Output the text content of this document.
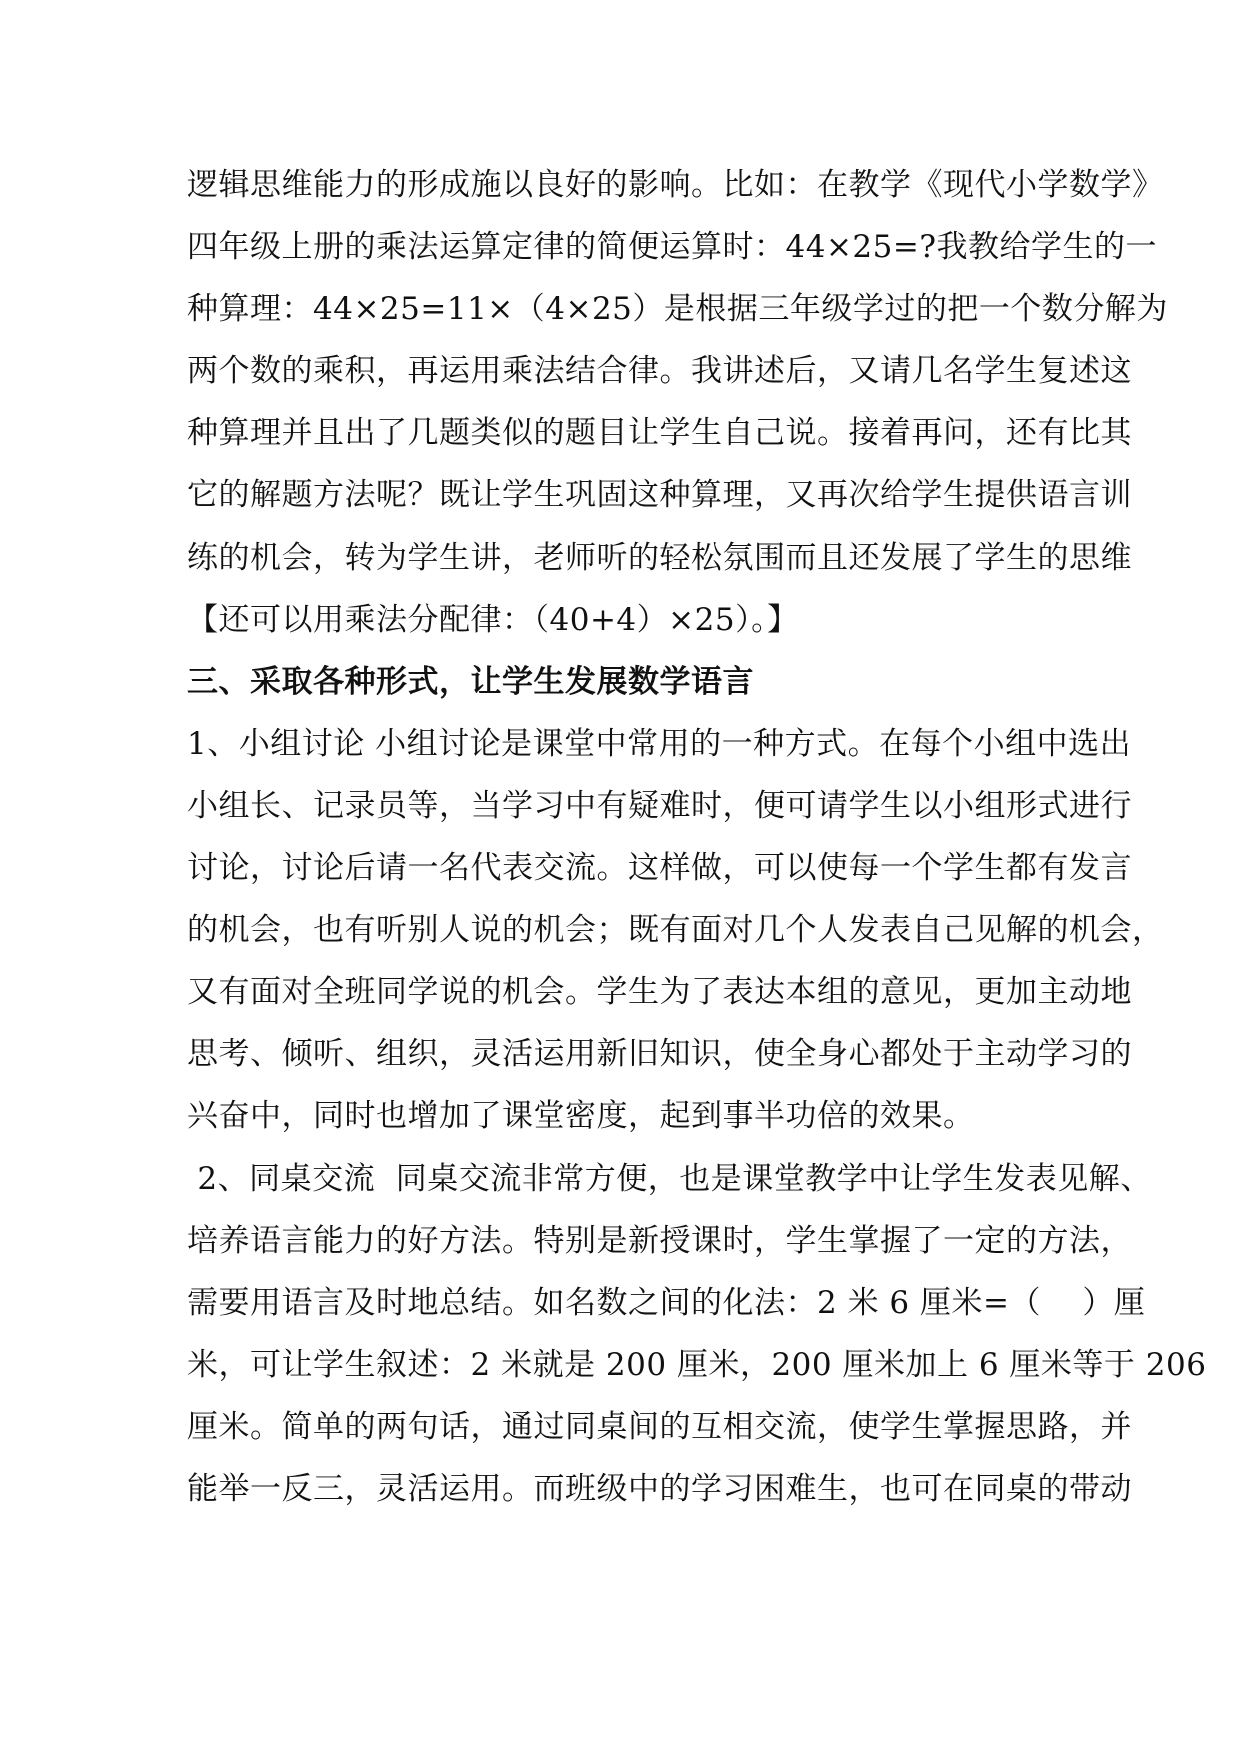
逻辑思维能力的形成施以良好的影响。比如：在教学《现代小学数学》
四年级上册的乘法运算定律的简便运算时：44×25=?我教给学生的一
种算理：44×25=11×（4×25）是根据三年级学过的把一个数分解为
两个数的乘积，再运用乘法结合律。我讲述后，又请几名学生复述这
种算理并且出了几题类似的题目让学生自己说。接着再问，还有比其
它的解题方法呢？既让学生巩固这种算理，又再次给学生提供语言训
练的机会，转为学生讲，老师听的轻松氛围而且还发展了学生的思维
【还可以用乘法分配律：（40+4）×25）。】
三、采取各种形式，让学生发展数学语言
1、小组讨论 小组讨论是课堂中常用的一种方式。在每个小组中选出
小组长、记录员等，当学习中有疑难时，便可请学生以小组形式进行
讨论，讨论后请一名代表交流。这样做，可以使每一个学生都有发言
的机会，也有听别人说的机会；既有面对几个人发表自己见解的机会，
又有面对全班同学说的机会。学生为了表达本组的意见，更加主动地
思考、倾听、组织，灵活运用新旧知识，使全身心都处于主动学习的
兴奋中，同时也增加了课堂密度，起到事半功倍的效果。
2、同桌交流  同桌交流非常方便，也是课堂教学中让学生发表见解、
培养语言能力的好方法。特别是新授课时，学生掌握了一定的方法，
需要用语言及时地总结。如名数之间的化法：2 米 6 厘米=（    ）厘
米，可让学生叙述：2 米就是 200 厘米，200 厘米加上 6 厘米等于 206
厘米。简单的两句话，通过同桌间的互相交流，使学生掌握思路，并
能举一反三，灵活运用。而班级中的学习困难生，也可在同桌的带动
